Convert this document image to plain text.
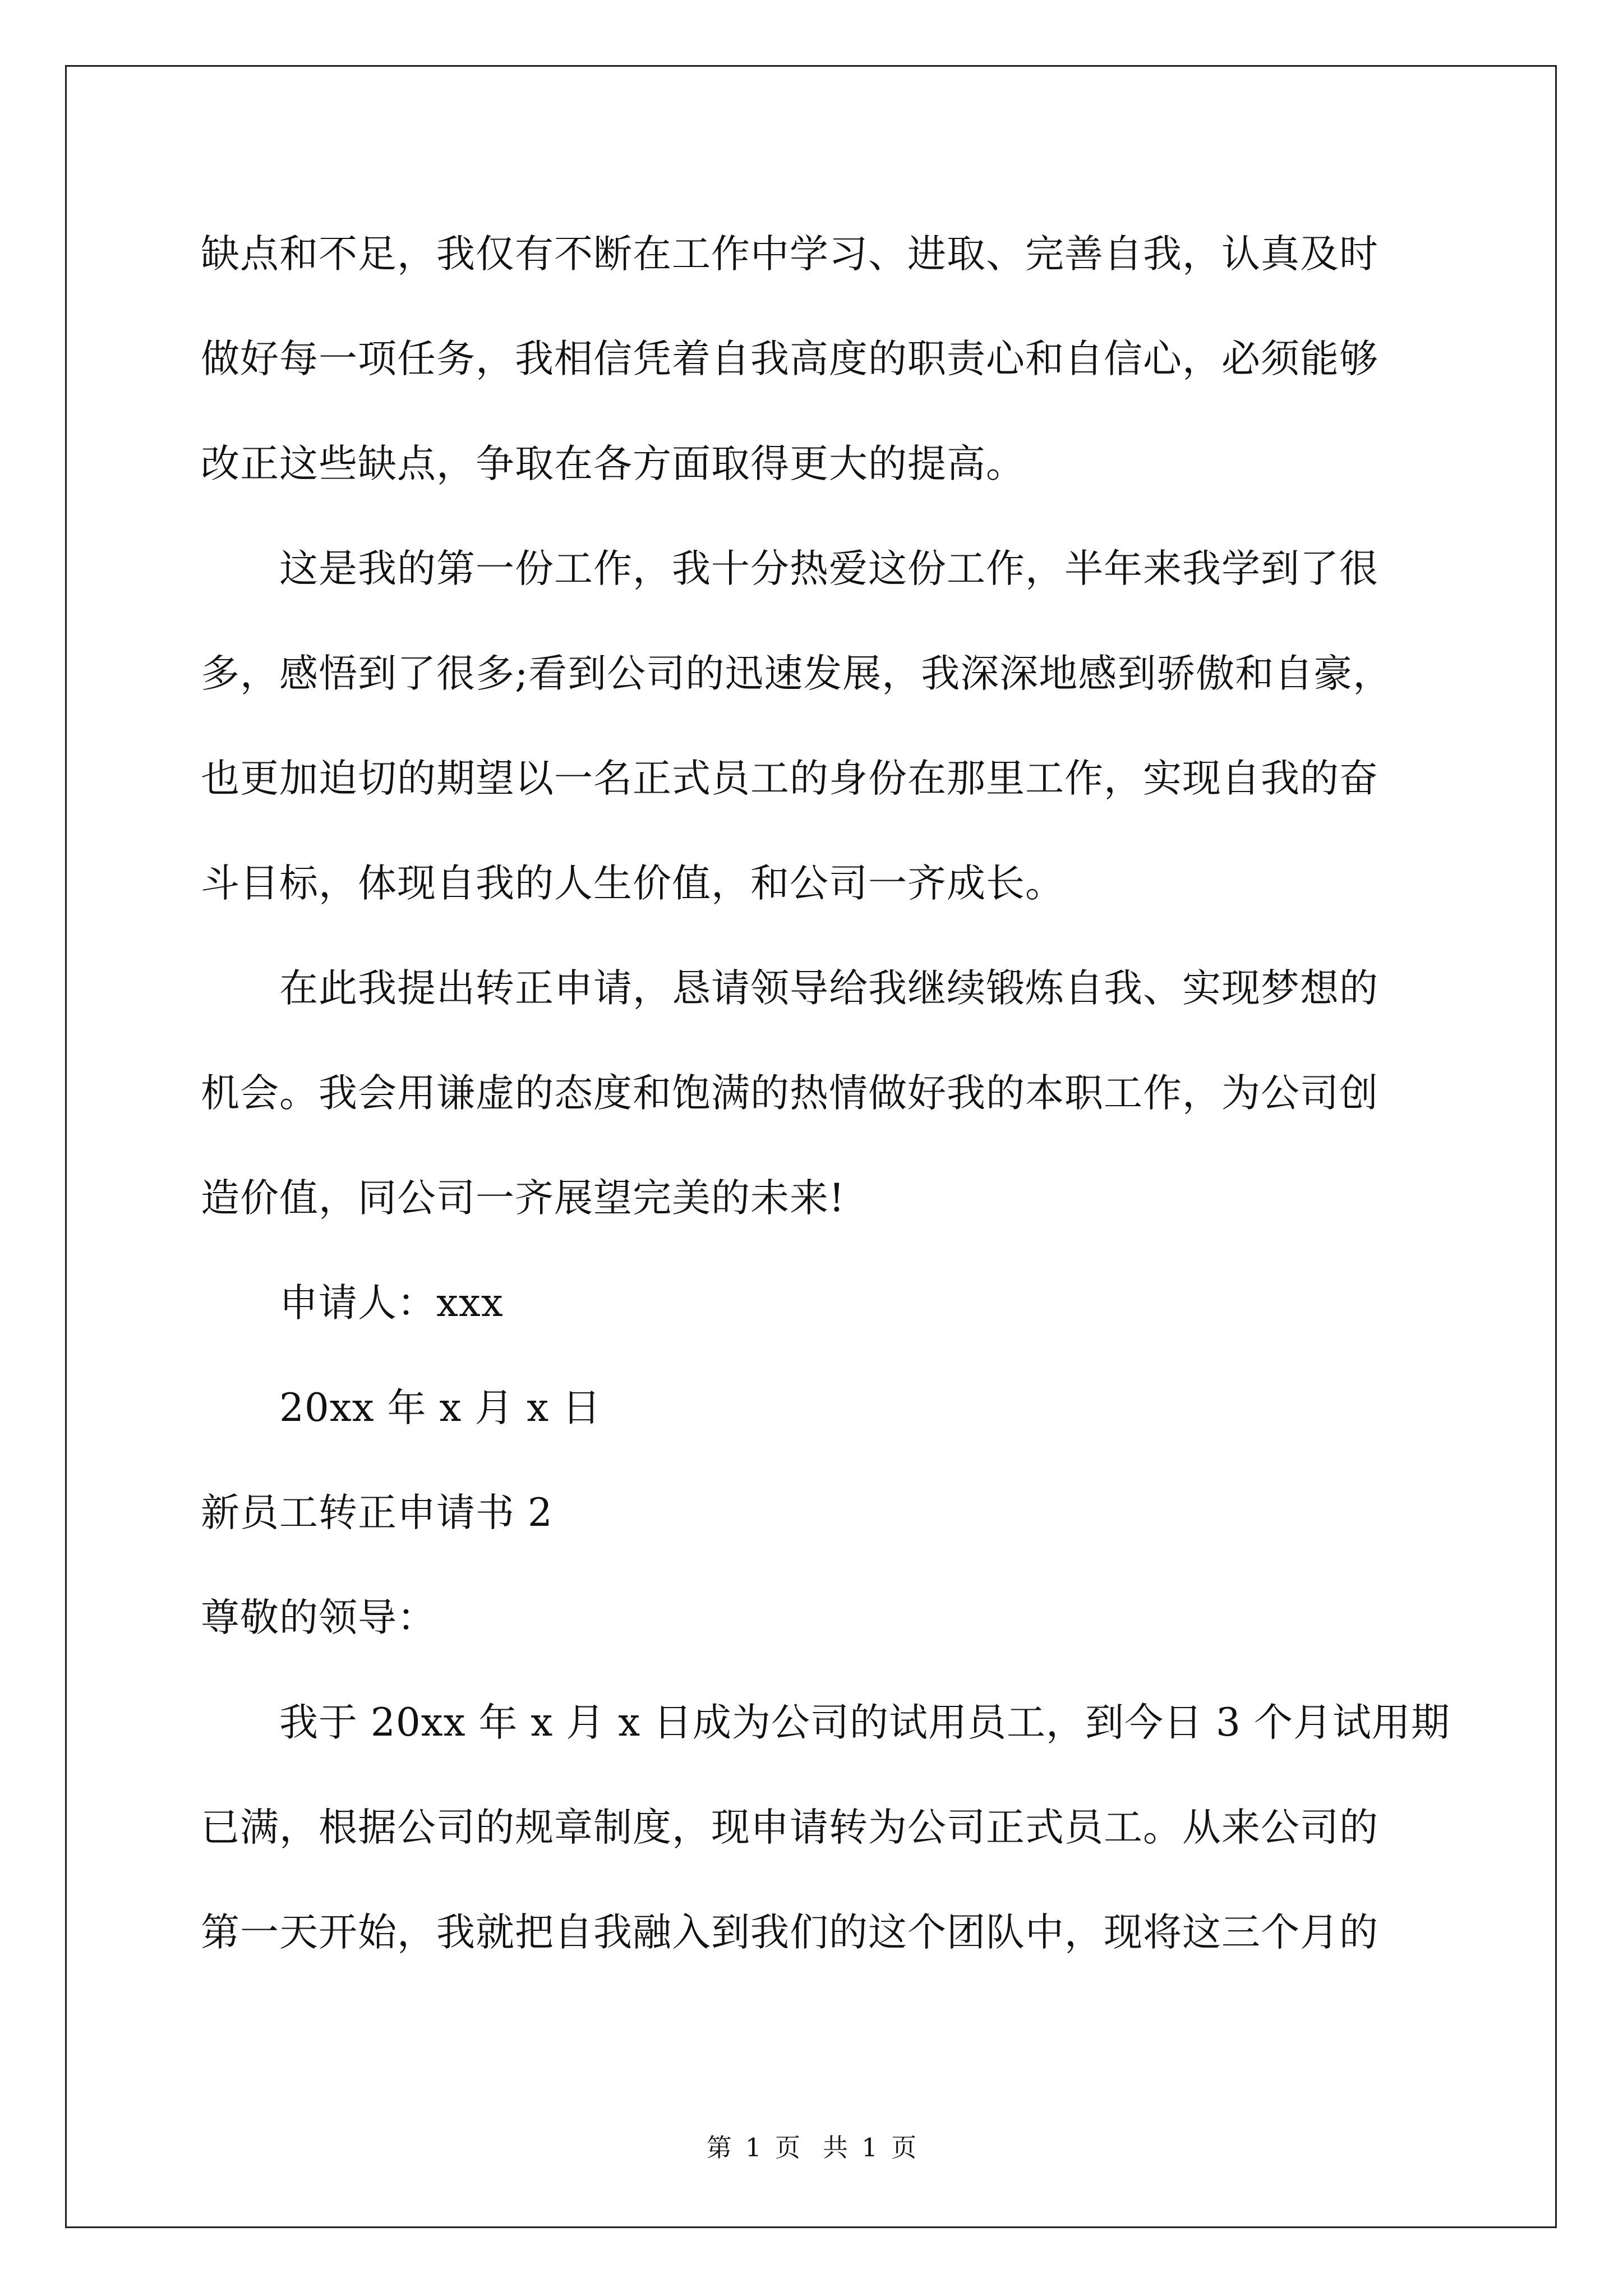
缺点和不足，我仅有不断在工作中学习、进取、完善自我，认真及时
做好每一项任务，我相信凭着自我高度的职责心和自信心，必须能够
改正这些缺点，争取在各方面取得更大的提高。
这是我的第一份工作，我十分热爱这份工作，半年来我学到了很
多，感悟到了很多;看到公司的迅速发展，我深深地感到骄傲和自豪，
也更加迫切的期望以一名正式员工的身份在那里工作，实现自我的奋
斗目标，体现自我的人生价值，和公司一齐成长。
在此我提出转正申请，恳请领导给我继续锻炼自我、实现梦想的
机会。我会用谦虚的态度和饱满的热情做好我的本职工作，为公司创
造价值，同公司一齐展望完美的未来!
申请人：xxx
20xx 年 x 月 x 日
新员工转正申请书 2
尊敬的领导：
我于 20xx 年 x 月 x 日成为公司的试用员工，到今日 3 个月试用期
已满，根据公司的规章制度，现申请转为公司正式员工。从来公司的
第一天开始，我就把自我融入到我们的这个团队中，现将这三个月的
第 1 页 共 1 页
